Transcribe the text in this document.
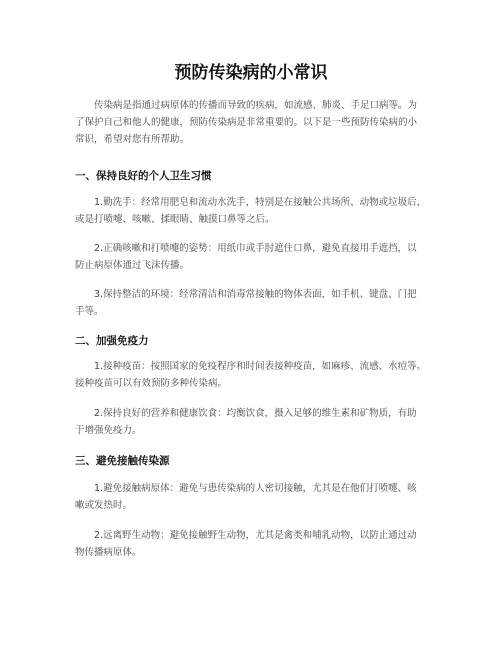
预防传染病的小常识
传染病是指通过病原体的传播而导致的疾病，如流感、肺炎、手足口病等。为
了保护自己和他人的健康，预防传染病是非常重要的。以下是一些预防传染病的小
常识，希望对您有所帮助。
一、保持良好的个人卫生习惯
1.勤洗手：经常用肥皂和流动水洗手，特别是在接触公共场所、动物或垃圾后，
或是打喷嚏、咳嗽、揉眼睛、触摸口鼻等之后。
2.正确咳嗽和打喷嚏的姿势：用纸巾或手肘遮住口鼻，避免直接用手遮挡，以
防止病原体通过飞沫传播。
3.保持整洁的环境：经常清洁和消毒常接触的物体表面，如手机、键盘、门把
手等。
二、加强免疫力
1.接种疫苗：按照国家的免疫程序和时间表接种疫苗，如麻疹、流感、水痘等。
接种疫苗可以有效预防多种传染病。
2.保持良好的营养和健康饮食：均衡饮食，摄入足够的维生素和矿物质，有助
于增强免疫力。
三、避免接触传染源
1.避免接触病原体：避免与患传染病的人密切接触，尤其是在他们打喷嚏、咳
嗽或发热时。
2.远离野生动物：避免接触野生动物，尤其是禽类和哺乳动物，以防止通过动
物传播病原体。
